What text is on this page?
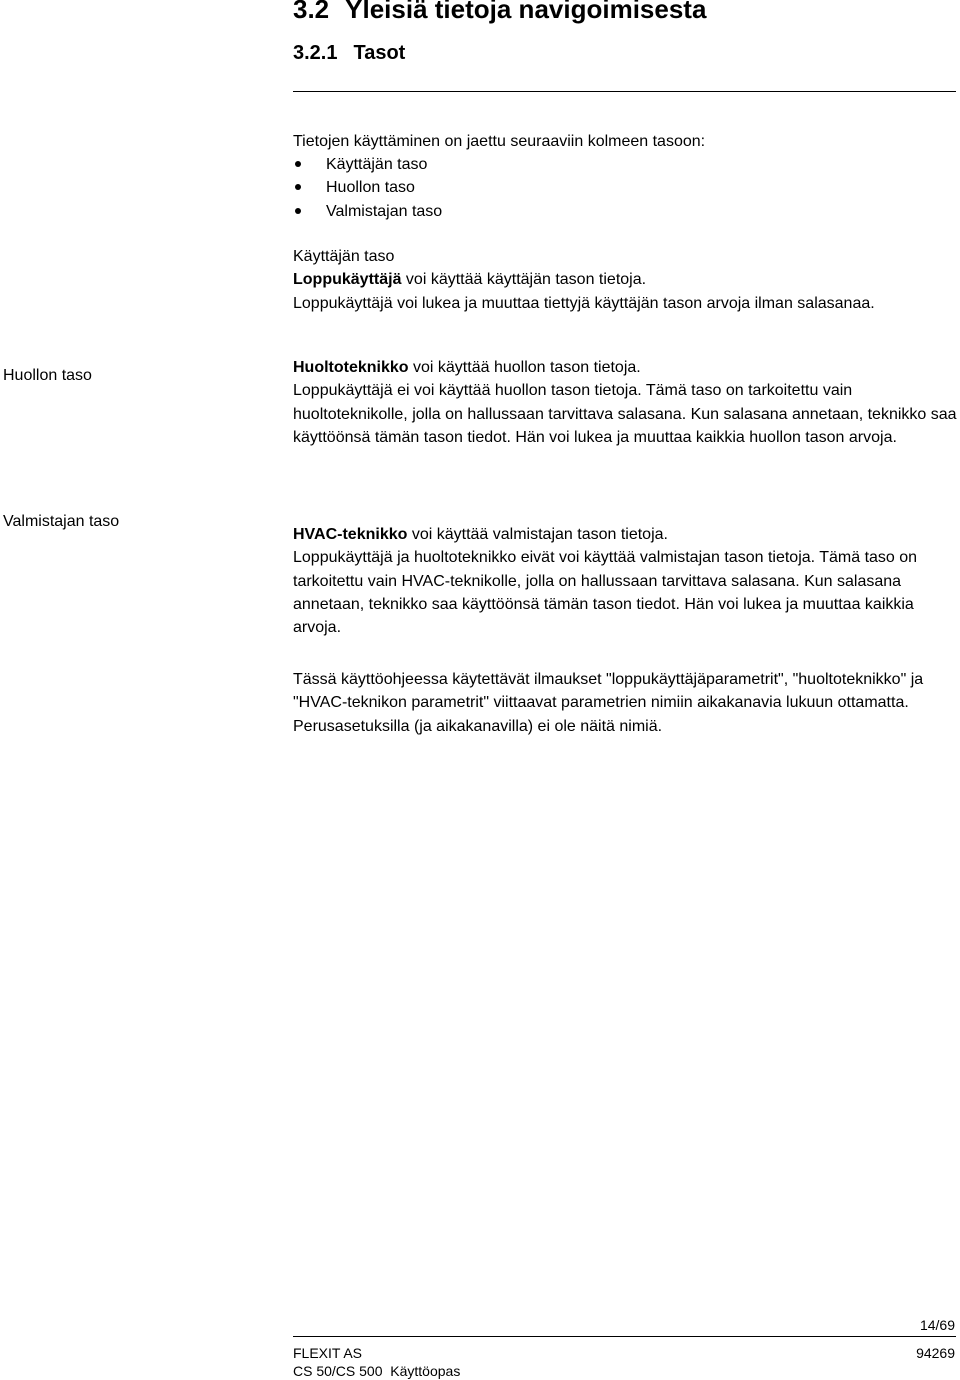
3.2 Yleisiä tietoja navigoimisesta
3.2.1 Tasot
Tietojen käyttäminen on jaettu seuraaviin kolmeen tasoon:
Käyttäjän taso
Huollon taso
Valmistajan taso
Käyttäjän taso
Loppukäyttäjä voi käyttää käyttäjän tason tietoja.
Loppukäyttäjä voi lukea ja muuttaa tiettyjä käyttäjän tason arvoja ilman salasanaa.
Huollon taso	Huoltoteknikko voi käyttää huollon tason tietoja.
Loppukäyttäjä ei voi käyttää huollon tason tietoja. Tämä taso on tarkoitettu vain huoltoteknikolle, jolla on hallussaan tarvittava salasana. Kun salasana annetaan, teknikko saa käyttöönsä tämän tason tiedot. Hän voi lukea ja muuttaa kaikkia huollon tason arvoja.
Valmistajan taso
HVAC-teknikko voi käyttää valmistajan tason tietoja.
Loppukäyttäjä ja huoltoteknikko eivät voi käyttää valmistajan tason tietoja. Tämä taso on tarkoitettu vain HVAC-teknikolle, jolla on hallussaan tarvittava salasana. Kun salasana annetaan, teknikko saa käyttöönsä tämän tason tiedot. Hän voi lukea ja muuttaa kaikkia arvoja.
Tässä käyttöohjeessa käytettävät ilmaukset "loppukäyttäjäparametrit", "huoltoteknikko" ja "HVAC-teknikon parametrit" viittaavat parametrien nimiin aikakanavia lukuun ottamatta. Perusasetuksilla (ja aikakanavilla) ei ole näitä nimiä.
14/69
FLEXIT AS	94269
CS 50/CS 500  Käyttöopas
